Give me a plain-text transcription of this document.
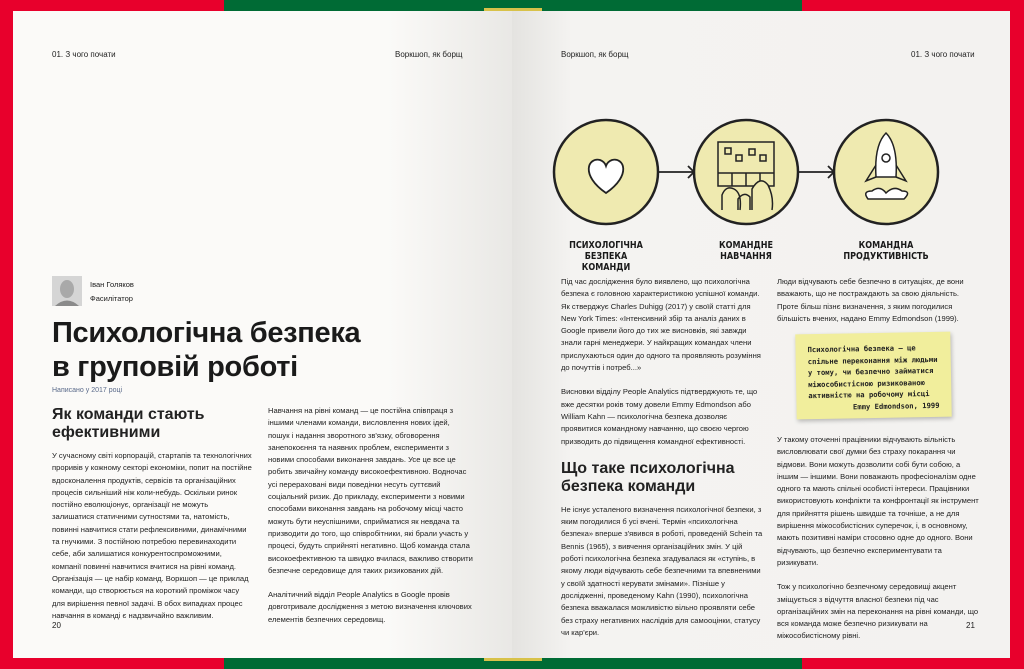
01. З чого почати	Воркшоп, як борщ
Іван Голяков
Фасилітатор
Психологічна безпека
в груповій роботі
Написано у 2017 році
Як команди стають ефективними

У сучасному світі корпорацій, стартапів та технологічних проривів у кожному секторі економіки, попит на постійне вдосконалення продуктів, сервісів та організаційних процесів сильніший ніж коли-небудь. Оскільки ринок постійно еволюціонує, організації не можуть залишатися статичними сутностями та, натомість, повинні навчитися стати рефлексивними, динамічними та гнучкими. З постійною потребою перевинаходити себе, аби залишатися конкурентоспроможними, компанії повинні навчитися вчитися на рівні команд. Організація — це набір команд. Воркшоп — це приклад команди, що створюється на короткий проміжок часу для вирішення певної задачі. В обох випадках процес навчання в команді є надзвичайно важливим.

Навчання на рівні команд — це постійна співпраця з іншими членами команди, висловлення нових ідей, пошук і надання зворотного зв'язку, обговорення занепокоєння та наявних проблем, експерименти з новими способами виконання завдань. Усе це все це робить звичайну команду високоефективною. Водночас усі перераховані види поведінки несуть суттєвий соціальний ризик. До прикладу, експерименти з новими способами виконання завдань на робочому місці часто можуть бути неуспішними, сприйматися як невдача та призводити до того, що співробітники, які брали участь у процесі, будуть сприйняті негативно. Щоб команда стала високоефективною та швидко вчилася, важливо створити безпечне середовище для таких ризикованих дій.

Аналітичний відділ People Analytics в Google провів довготривале дослідження з метою визначення ключових елементів безпечних середовищ.

20
Воркшоп, як борщ	01. З чого почати
ПСИХОЛОГІЧНА
БЕЗПЕКА КОМАНДИ
КОМАНДНЕ
НАВЧАННЯ
КОМАНДНА
ПРОДУКТИВНІСТЬ

Під час дослідження було виявлено, що психологічна безпека є головною характеристикою успішної команди. Як стверджує Charles Duhigg (2017) у своїй статті для New York Times: «Інтенсивний збір та аналіз даних в Google привели його до тих же висновків, які завжди знали гарні менеджери. У найкращих командах члени прислухаються один до одного та проявляють розуміння до почуттів і потреб...»

Висновки відділу People Analytics підтверджують те, що вже десятки років тому довели Emmy Edmondson або William Kahn — психологічна безпека дозволяє проявитися командному навчанню, що своєю чергою призводить до підвищення командної ефективності.

Що таке психологічна безпека команди

Не існує усталеного визначення психологічної безпеки, з яким погодилися б усі вчені. Термін «психологічна безпека» вперше з'явився в роботі, проведеній Schein та Bennis (1965), з вивчення організаційних змін. У цій роботі психологічна безпека згадувалася як «ступінь, в якому люди відчувають себе безпечними та впевненими у своїй здатності керувати змінами». Пізніше у дослідженні, проведеному Kahn (1990), психологічна безпека вважалася можливістю вільно проявляти себе без страху негативних наслідків для самооцінки, статусу чи кар'єри.

Люди відчувають себе безпечно в ситуаціях, де вони вважають, що не постраждають за свою діяльність. Проте більш пізнє визначення, з яким погодилися більшість вчених, надано Emmy Edmondson (1999).

Психологічна безпека — це спільне переконання між людьми у тому, чи безпечно займатися міжособистісною ризикованою активністю на робочому місці
Emmy Edmondson, 1999

У такому оточенні працівники відчувають вільність висловлювати свої думки без страху покарання чи відмови. Вони можуть дозволити собі бути собою, а іншим — іншими. Вони поважають професіоналізм одне одного та мають спільні особисті інтереси. Працівники використовують конфлікти та конфронтації як інструмент для прийняття рішень швидше та точніше, а не для вирішення міжособистісних суперечок, і, в основному, мають позитивні наміри стосовно одне до одного. Вони відчувають, що безпечно експериментувати та ризикувати.

Тож у психологічно безпечному середовищі акцент зміщується з відчуття власної безпеки під час організаційних змін на переконання на рівні команди, що вся команда може безпечно ризикувати на міжособистісному рівні.

21
